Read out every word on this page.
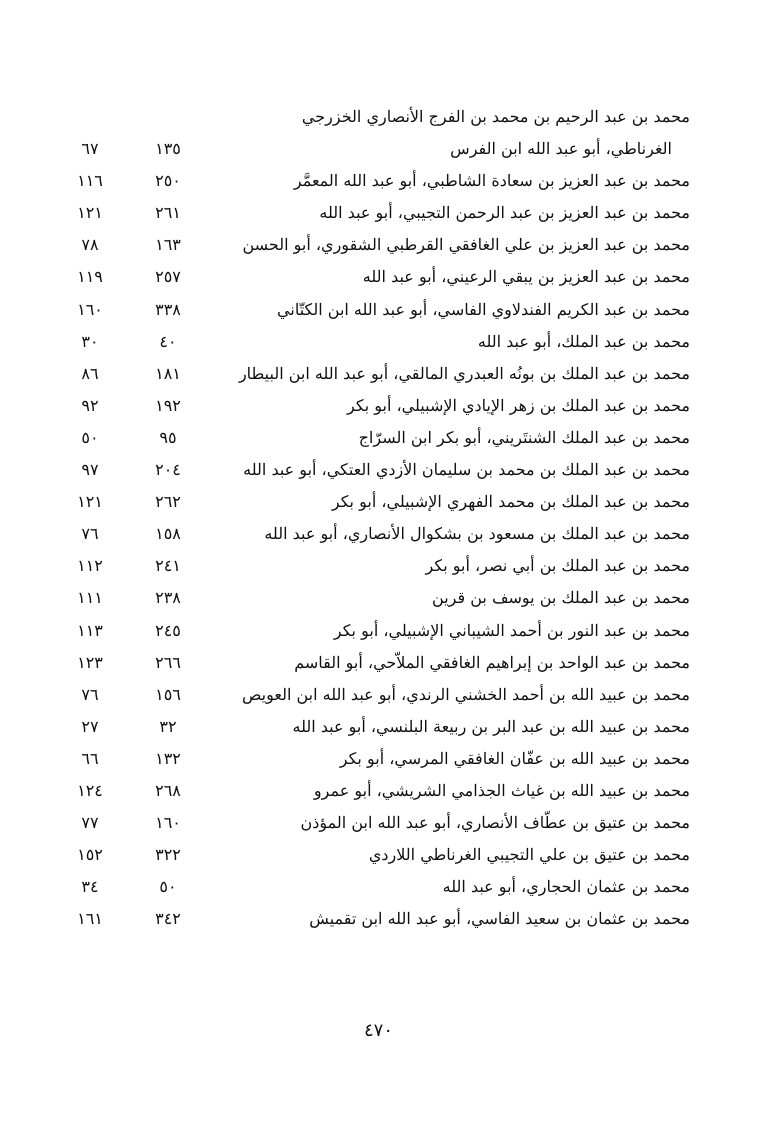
محمد بن عبد الرحيم بن محمد بن الفرج الأنصاري الخزرجي
الغرناطي، أبو عبد الله ابن الفرس
١٣٥
٦٧
محمد بن عبد العزيز بن سعادة الشاطبي، أبو عبد الله المعمَّر
٢٥٠
١١٦
محمد بن عبد العزيز بن عبد الرحمن التجيبي، أبو عبد الله
٢٦١
١٢١
محمد بن عبد العزيز بن علي الغافقي القرطبي الشقوري، أبو الحسن
١٦٣
٧٨
محمد بن عبد العزيز بن يبقي الرعيني، أبو عبد الله
٢٥٧
١١٩
محمد بن عبد الكريم الفندلاوي الفاسي، أبو عبد الله ابن الكتّاني
٣٣٨
١٦٠
محمد بن عبد الملك، أبو عبد الله
٤٠
٣٠
محمد بن عبد الملك بن بونُه العبدري المالقي، أبو عبد الله ابن البيطار
١٨١
٨٦
محمد بن عبد الملك بن زهر الإيادي الإشبيلي، أبو بكر
١٩٢
٩٢
محمد بن عبد الملك الشنتَريني، أبو بكر ابن السرّاج
٩٥
٥٠
محمد بن عبد الملك بن محمد بن سليمان الأزدي العتكي، أبو عبد الله
٢٠٤
٩٧
محمد بن عبد الملك بن محمد الفهري الإشبيلي، أبو بكر
٢٦٢
١٢١
محمد بن عبد الملك بن مسعود بن بشكوال الأنصاري، أبو عبد الله
١٥٨
٧٦
محمد بن عبد الملك بن أبي نصر، أبو بكر
٢٤١
١١٢
محمد بن عبد الملك بن يوسف بن قرين
٢٣٨
١١١
محمد بن عبد النور بن أحمد الشيباني الإشبيلي، أبو بكر
٢٤٥
١١٣
محمد بن عبد الواحد بن إبراهيم الغافقي الملاّحي، أبو القاسم
٢٦٦
١٢٣
محمد بن عبيد الله بن أحمد الخشني الرندي، أبو عبد الله ابن العويص
١٥٦
٧٦
محمد بن عبيد الله بن عبد البر بن ربيعة البلنسي، أبو عبد الله
٣٢
٢٧
محمد بن عبيد الله بن عفّان الغافقي المرسي، أبو بكر
١٣٢
٦٦
محمد بن عبيد الله بن غياث الجذامي الشريشي، أبو عمرو
٢٦٨
١٢٤
محمد بن عتيق بن عطّاف الأنصاري، أبو عبد الله ابن المؤذن
١٦٠
٧٧
محمد بن عتيق بن علي التجيبي الغرناطي اللاردي
٣٢٢
١٥٢
محمد بن عثمان الحجاري، أبو عبد الله
٥٠
٣٤
محمد بن عثمان بن سعيد الفاسي، أبو عبد الله ابن تقميش
٣٤٢
١٦١
٤٧٠
